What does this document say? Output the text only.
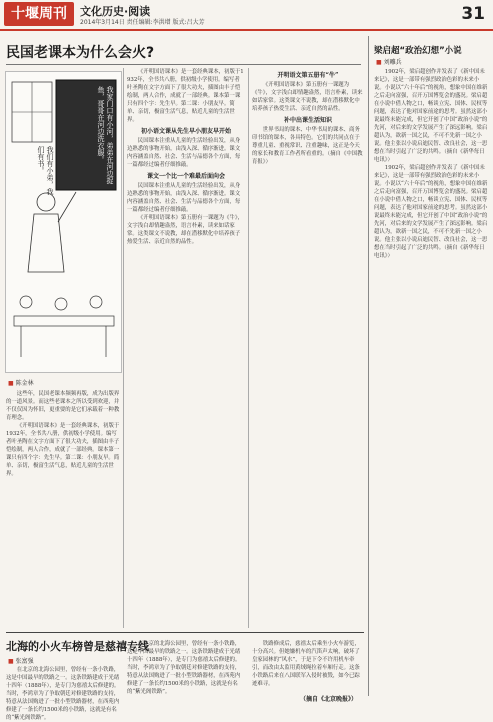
十堰周刊	文化历史·阅读
2014年3月14日 责任编辑:李洪增 版式:吕大芳	31
民国老课本为什么会火?
我家门口有小河，弟弟在河边捉鱼，哥哥在河边洗衣服。
我们有小弟，我们有书。
■ 陈金林

这些年，民国老课本频频再版，成为出版界的一道风景。而这些老课本之所以受到欢迎，并不仅仅因为怀旧，更重要的是它们承载着一种教育理念。

《开明国语课本》是一套经典课本，初版于1932年，全书共八册，供初级小学使用。编写者叶圣陶在文字方面下了很大功夫，插图由丰子恺绘制，两人合作，成就了一部经典。课本第一课只有四个字：先生早。第二课：小朋友早。简单、亲切，极富生活气息，贴近儿童的生活世界。

《开明国语课本》是一套经典课本，初版于1932年，全书共八册，供初级小学使用。编写者叶圣陶在文字方面下了很大功夫，插图由丰子恺绘制，两人合作，成就了一部经典。课本第一课只有四个字：先生早。第二课：小朋友早。简单、亲切，极富生活气息，贴近儿童的生活世界。

初小语文课从先生早小朋友早开始

民国课本注重从儿童的生活经验出发，从身边熟悉的事物开始，由浅入深、循序渐进。课文内容涵盖自然、社会、生活与品德各个方面，每一篇都经过编者仔细推敲。

课文一个比一个难最后面向会

民国课本注重从儿童的生活经验出发，从身边熟悉的事物开始，由浅入深、循序渐进。课文内容涵盖自然、社会、生活与品德各个方面，每一篇都经过编者仔细推敲。

《开明国语课本》第五册有一课题为《牛》，文字浅白却情趣盎然，语言朴素，读来如话家常。这类课文不说教，却在潜移默化中培养孩子热爱生活、亲近自然的品性。

开明语文第五册有“牛”

《开明国语课本》第五册有一课题为《牛》，文字浅白却情趣盎然，语言朴素，读来如话家常。这类课文不说教，却在潜移默化中培养孩子热爱生活、亲近自然的品性。

补中出课生活知识

世界书局的课本、中华书局的课本、商务印书馆的课本，各具特色。它们的共同点在于尊重儿童、重视常识、注重趣味，这正是今天的家长和教育工作者所看重的。（摘自《中国教育报》）

梁启超“政治幻想”小说
■ 刘雕兵

1902年，梁启超创作并发表了《新中国未来记》，这是一部带有强烈政治色彩的未来小说。小说以“六十年后”的视角，想象中国在维新之后走向富强，召开万国博览会的盛况。梁启超在小说中借人物之口，畅谈立宪、国体、民权等问题，表达了他对国家前途的思考。虽然这部小说最终未能完成，但它开创了中国“政治小说”的先河，对后来的文学发展产生了深远影响。梁启超认为，欲新一国之民，不可不先新一国之小说。他主张以小说启迪民智、改良社会，这一思想在当时引起了广泛的共鸣。（摘自《新华每日电讯》）

1902年，梁启超创作并发表了《新中国未来记》，这是一部带有强烈政治色彩的未来小说。小说以“六十年后”的视角，想象中国在维新之后走向富强，召开万国博览会的盛况。梁启超在小说中借人物之口，畅谈立宪、国体、民权等问题，表达了他对国家前途的思考。虽然这部小说最终未能完成，但它开创了中国“政治小说”的先河，对后来的文学发展产生了深远影响。梁启超认为，欲新一国之民，不可不先新一国之小说。他主张以小说启迪民智、改良社会，这一思想在当时引起了广泛的共鸣。（摘自《新华每日电讯》）

北海的小火车榜曾是慈禧专线
■ 张富强

在北京的北海公园里，曾经有一条小铁路，这是中国最早的铁路之一。这条铁路建成于光绪十四年（1888年），是专门为慈禧太后修建的。当时，李鸿章为了争取朝廷对修建铁路的支持，特意从法国购进了一批小型铁路器材，在西苑内修建了一条长约1500米的小铁路，这就是有名的“紫光阁铁路”。

在北京的北海公园里，曾经有一条小铁路，这是中国最早的铁路之一。这条铁路建成于光绪十四年（1888年），是专门为慈禧太后修建的。当时，李鸿章为了争取朝廷对修建铁路的支持，特意从法国购进了一批小型铁路器材，在西苑内修建了一条长约1500米的小铁路，这就是有名的“紫光阁铁路”。

铁路修成后，慈禧太后乘坐小火车游览，十分高兴。但她嫌机车的汽笛声太响，破坏了皇家园林的“风水”，于是下令不许用机车牵引，而改由太监用黄绒绳拉着车厢行走。这条小铁路后来在八国联军入侵时被毁，如今已踪迹难寻。

（摘自《北京晚报》）
